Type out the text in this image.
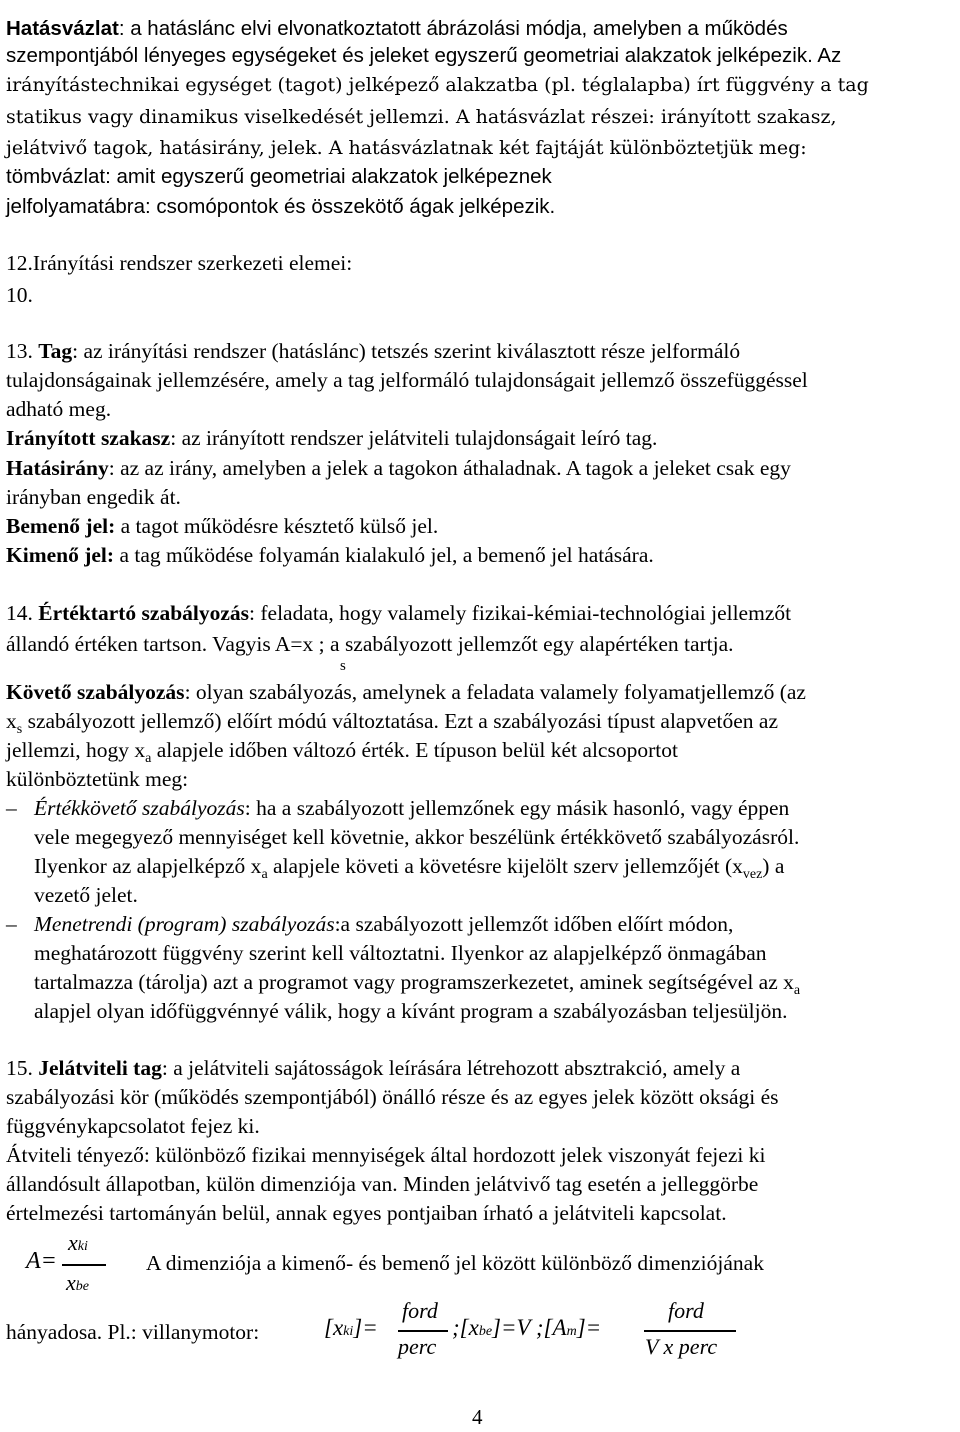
Hatásvázlat: a hatáslánc elvi elvonatkoztatott ábrázolási módja, amelyben a működés
szempontjából lényeges egységeket és jeleket egyszerű geometriai alakzatok jelképezik. Az
irányítástechnikai egységet (tagot) jelképező alakzatba (pl. téglalapba) írt függvény a tag
statikus vagy dinamikus viselkedését jellemzi. A hatásvázlat részei: irányított szakasz,
jelátvivő tagok, hatásirány, jelek. A hatásvázlatnak két fajtáját különböztetjük meg:
tömbvázlat: amit egyszerű geometriai alakzatok jelképeznek
jelfolyamatábra: csomópontok és összekötő ágak jelképezik.
12.Irányítási rendszer szerkezeti elemei:
10.
13. Tag: az irányítási rendszer (hatáslánc) tetszés szerint kiválasztott része jelformáló
tulajdonságainak jellemzésére, amely a tag jelformáló tulajdonságait jellemző összefüggéssel
adható meg.
Irányított szakasz: az irányított rendszer jelátviteli tulajdonságait leíró tag.
Hatásirány: az az irány, amelyben a jelek a tagokon áthaladnak. A tagok a jeleket csak egy
irányban engedik át.
Bemenő jel: a tagot működésre késztető külső jel.
Kimenő jel: a tag működése folyamán kialakuló jel, a bemenő jel hatására.
14. Értéktartó szabályozás: feladata, hogy valamely fizikai-kémiai-technológiai jellemzőt
állandó értéken tartson. Vagyis A=x ; a szabályozott jellemzőt egy alapértéken tartja.
s
Követő szabályozás: olyan szabályozás, amelynek a feladata valamely folyamatjellemző (az
$x_s$ szabályozott jellemző) előírt módú változtatása. Ezt a szabályozási típust alapvetően az
jellemzi, hogy $x_a$ alapjele időben változó érték. E típuson belül két alcsoportot
különböztetünk meg:
– Értékkövető szabályozás: ha a szabályozott jellemzőnek egy másik hasonló, vagy éppen
vele megegyező mennyiséget kell követnie, akkor beszélünk értékkövető szabályozásról.
Ilyenkor az alapjelképző $x_a$ alapjele követi a követésre kijelölt szerv jellemzőjét $(x_{vez})$ a
vezető jelet.
– Menetrendi (program) szabályozás:a szabályozott jellemzőt időben előírt módon,
meghatározott függvény szerint kell változtatni. Ilyenkor az alapjelképző önmagában
tartalmazza (tárolja) azt a programot vagy programszerkezetet, aminek segítségével az $x_a$
alapjel olyan időfüggvénnyé válik, hogy a kívánt program a szabályozásban teljesüljön.
15. Jelátviteli tag: a jelátviteli sajátosságok leírására létrehozott absztrakció, amely a
szabályozási kör (működés szempontjából) önálló része és az egyes jelek között oksági és
függvénykapcsolatot fejez ki.
Átviteli tényező: különböző fizikai mennyiségek által hordozott jelek viszonyát fejezi ki
állandósult állapotban, külön dimenziója van. Minden jelátvivő tag esetén a jelleggörbe
értelmezési tartományán belül, annak egyes pontjaiban írható a jelátviteli kapcsolat.
A=
xki
xbe
A dimenziója a kimenő- és bemenő jel között különböző dimenziójának
hányadosa. Pl.: villanymotor:	[xki]=
ford
perc
;[xbe]=V ;[Am]=
ford
V x perc
4
